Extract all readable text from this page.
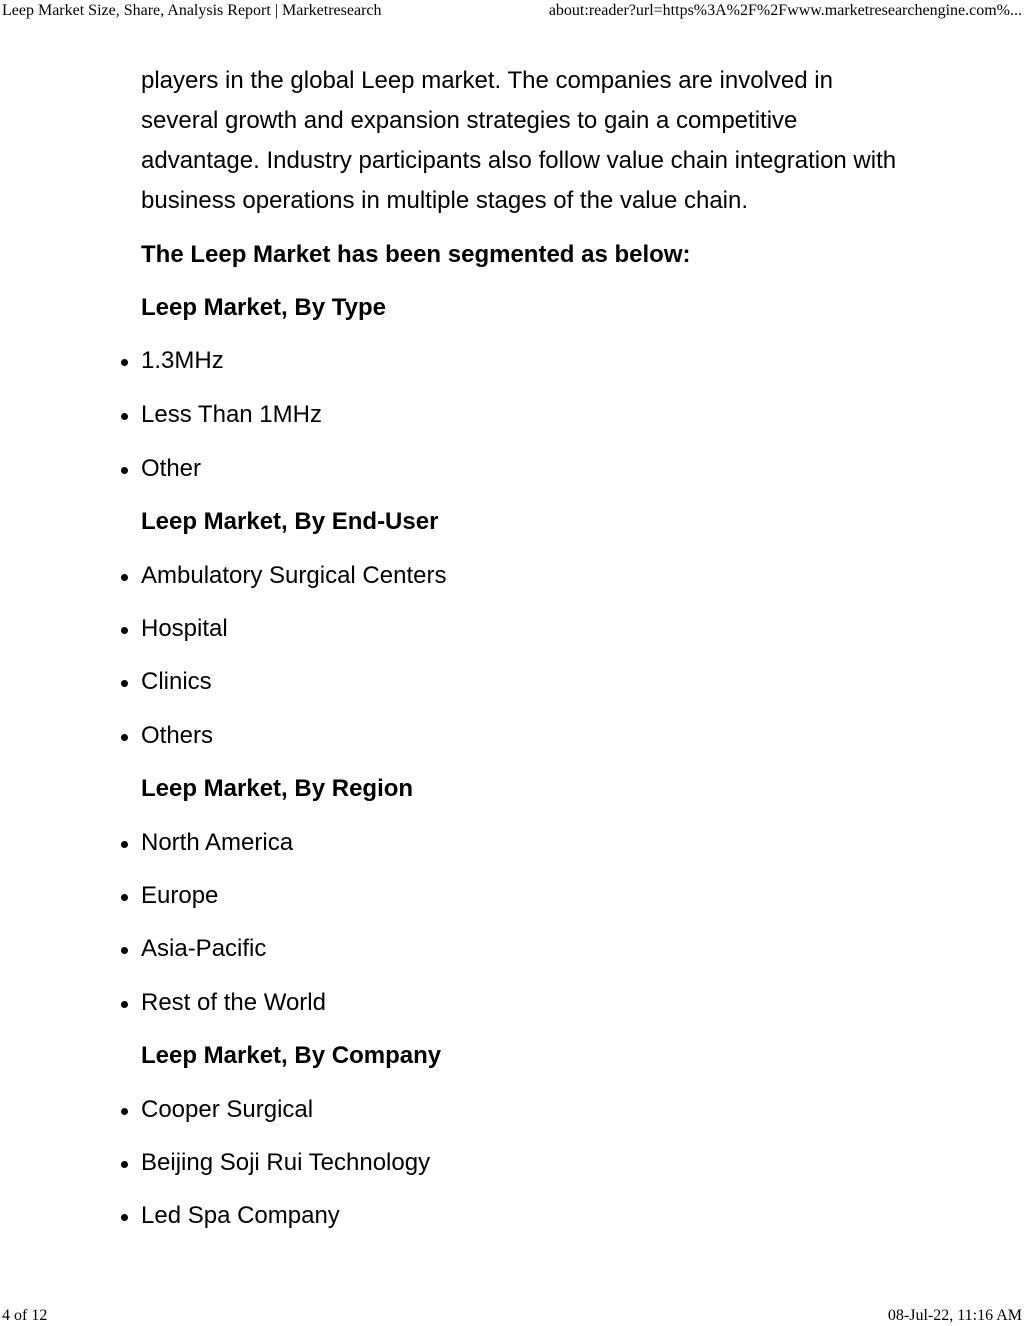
Leep Market Size, Share, Analysis Report | Marketresearch	about:reader?url=https%3A%2F%2Fwww.marketresearchengine.com%...

players in the global Leep market. The companies are involved in several growth and expansion strategies to gain a competitive advantage. Industry participants also follow value chain integration with business operations in multiple stages of the value chain.

The Leep Market has been segmented as below:

Leep Market, By Type

1.3MHz
Less Than 1MHz
Other

Leep Market, By End-User

Ambulatory Surgical Centers
Hospital
Clinics
Others

Leep Market, By Region

North America
Europe
Asia-Pacific
Rest of the World

Leep Market, By Company

Cooper Surgical
Beijing Soji Rui Technology
Led Spa Company
4 of 12	08-Jul-22, 11:16 AM
